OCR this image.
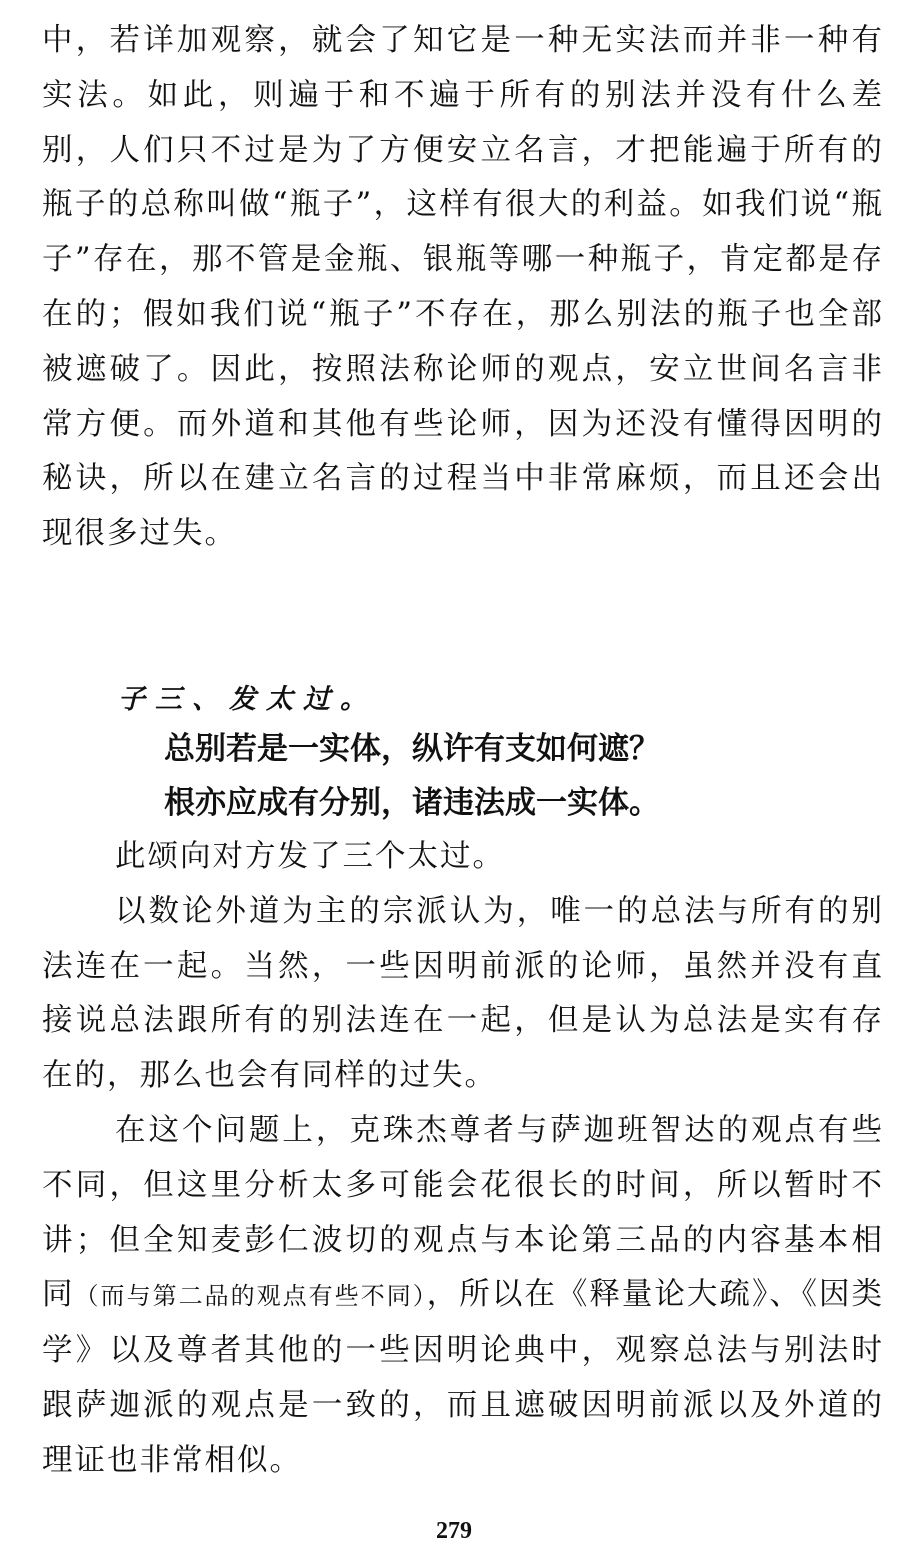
中，若详加观察，就会了知它是一种无实法而并非一种有实法。如此，则遍于和不遍于所有的别法并没有什么差别，人们只不过是为了方便安立名言，才把能遍于所有的瓶子的总称叫做“瓶子”，这样有很大的利益。如我们说“瓶子”存在，那不管是金瓶、银瓶等哪一种瓶子，肯定都是存在的；假如我们说“瓶子”不存在，那么别法的瓶子也全部被遮破了。因此，按照法称论师的观点，安立世间名言非常方便。而外道和其他有些论师，因为还没有懂得因明的秘诀，所以在建立名言的过程当中非常麻烦，而且还会出现很多过失。

子三、发太过。

总别若是一实体，纵许有支如何遮？

根亦应成有分别，诸违法成一实体。

此颂向对方发了三个太过。

以数论外道为主的宗派认为，唯一的总法与所有的别法连在一起。当然，一些因明前派的论师，虽然并没有直接说总法跟所有的别法连在一起，但是认为总法是实有存在的，那么也会有同样的过失。

在这个问题上，克珠杰尊者与萨迦班智达的观点有些不同，但这里分析太多可能会花很长的时间，所以暂时不讲；但全知麦彭仁波切的观点与本论第三品的内容基本相同（而与第二品的观点有些不同），所以在《释量论大疏》、《因类学》以及尊者其他的一些因明论典中，观察总法与别法时跟萨迦派的观点是一致的，而且遮破因明前派以及外道的理证也非常相似。

279
